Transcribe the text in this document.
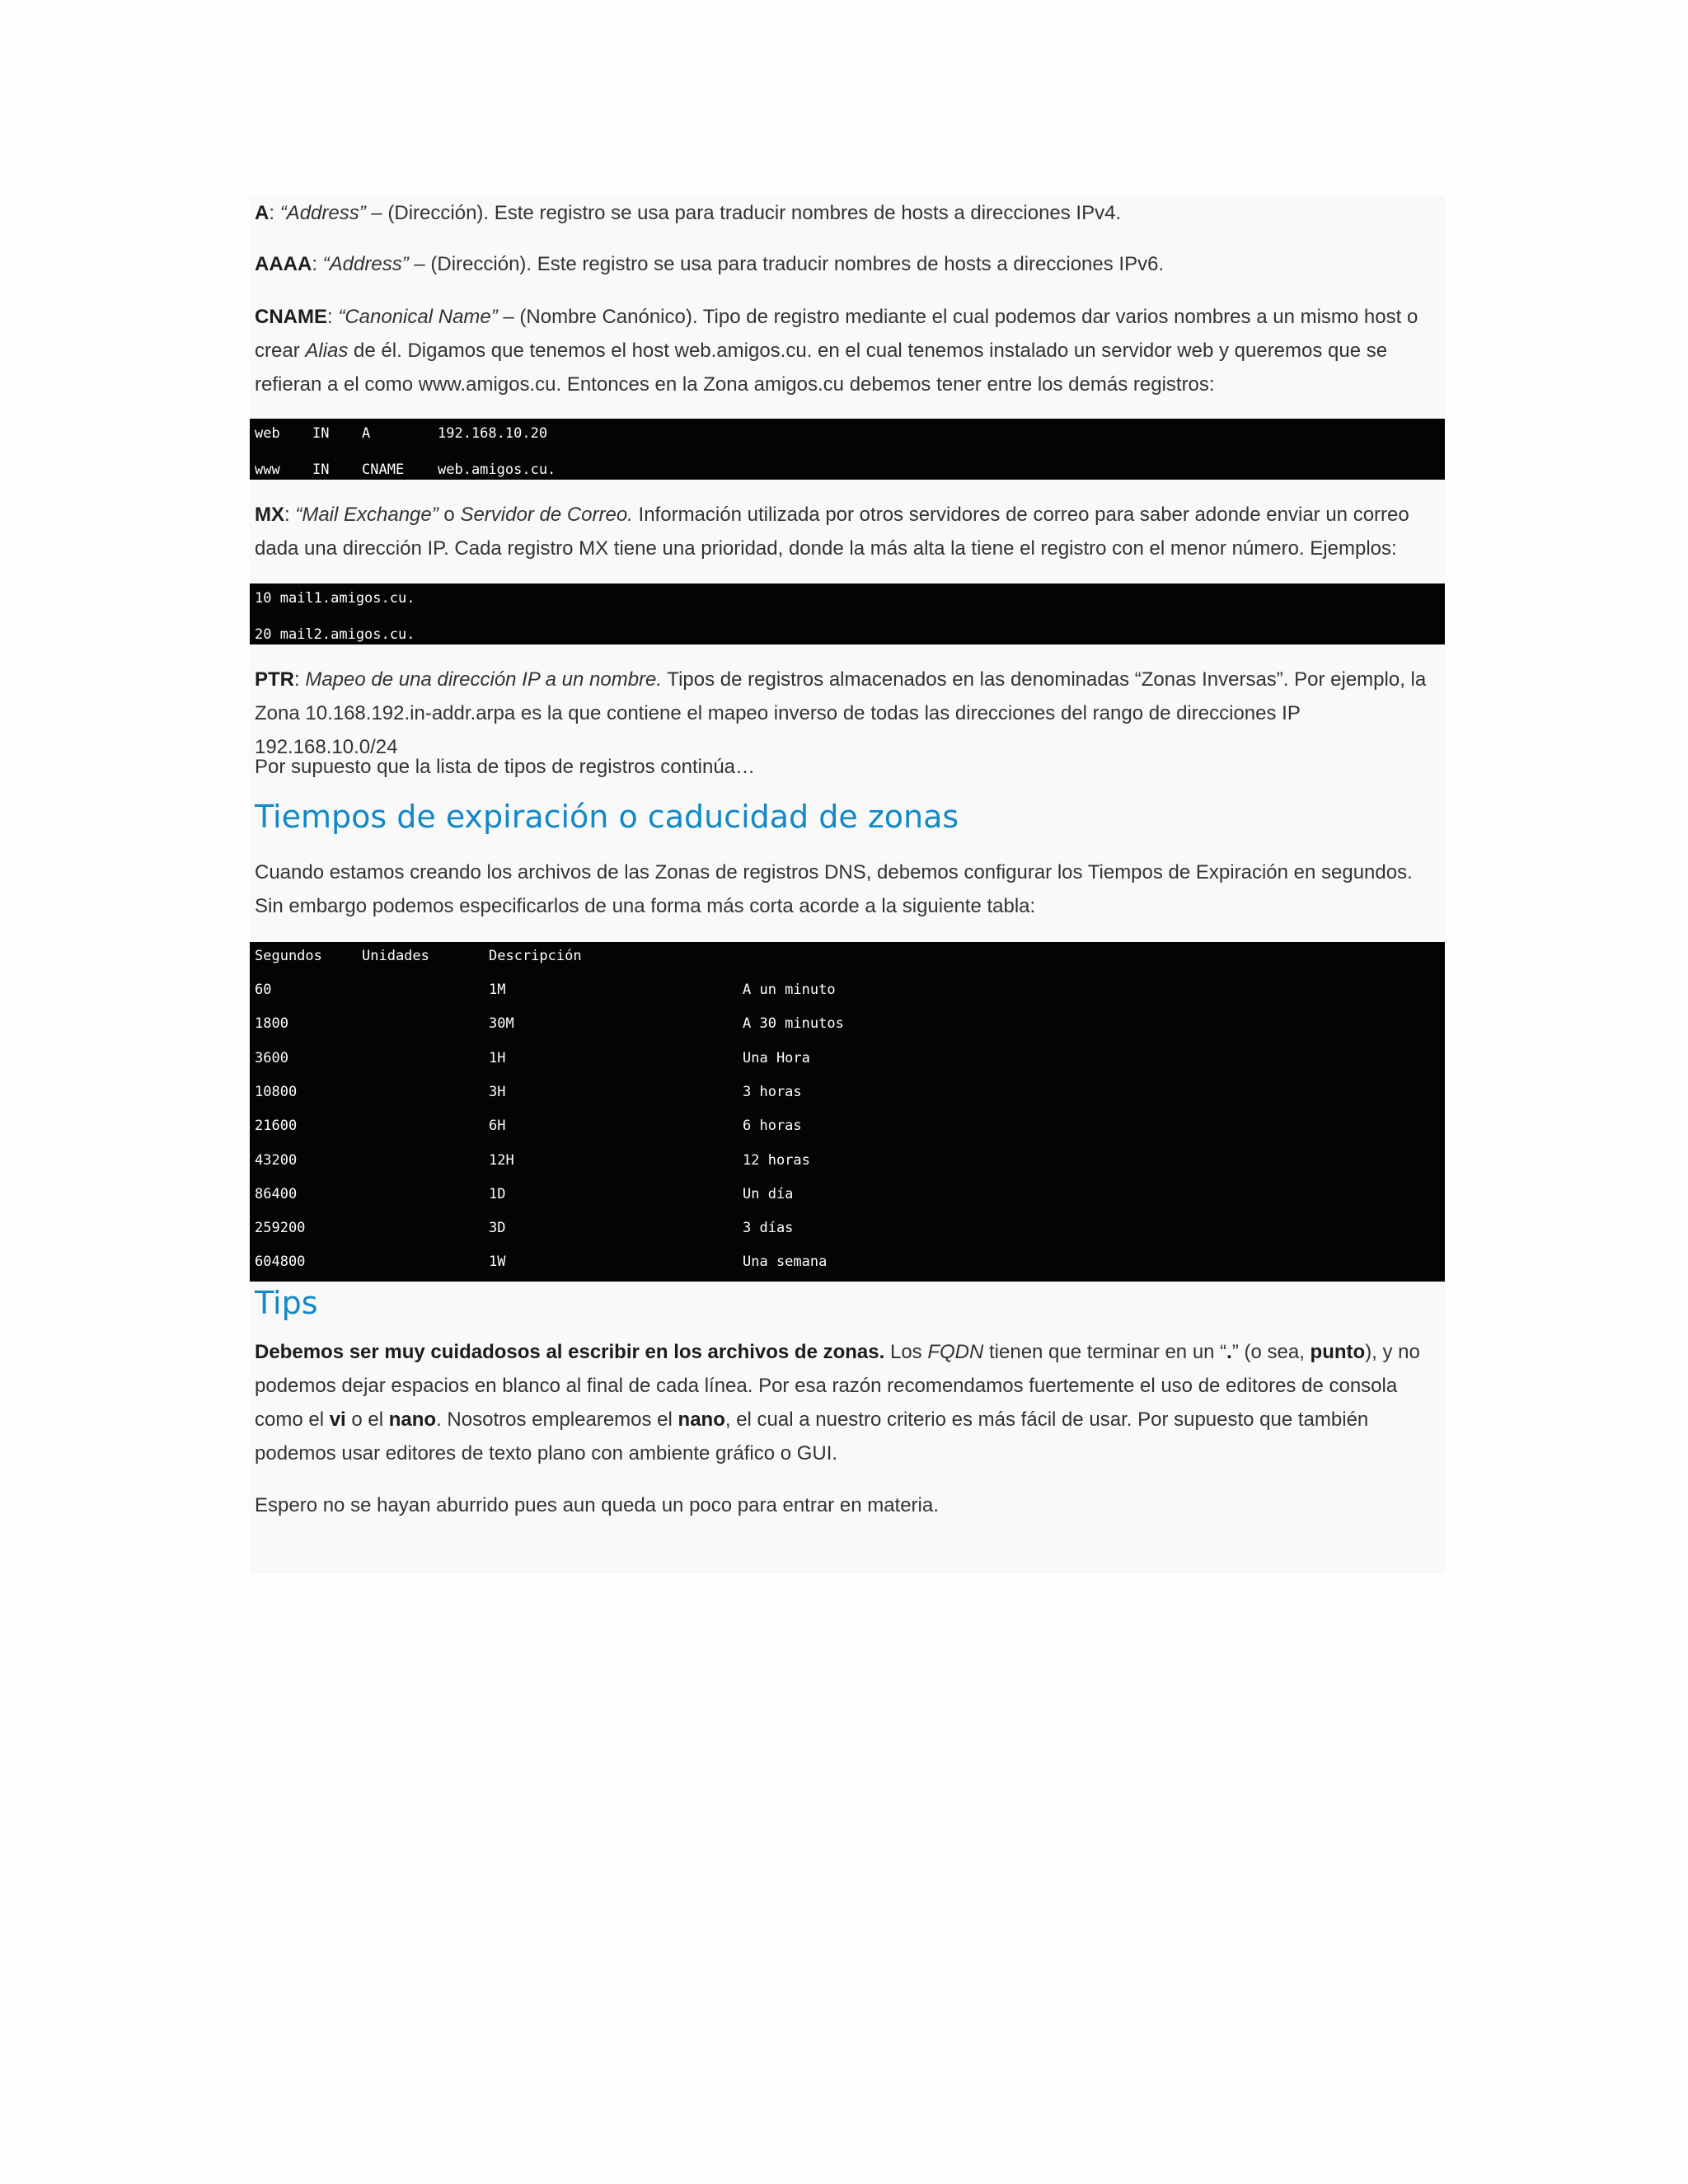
A: “Address” – (Dirección). Este registro se usa para traducir nombres de hosts a direcciones IPv4.

AAAA: “Address” – (Dirección). Este registro se usa para traducir nombres de hosts a direcciones IPv6.

CNAME: “Canonical Name” – (Nombre Canónico). Tipo de registro mediante el cual podemos dar varios nombres a un mismo host o crear Alias de él. Digamos que tenemos el host web.amigos.cu. en el cual tenemos instalado un servidor web y queremos que se refieran a el como www.amigos.cu. Entonces en la Zona amigos.cu debemos tener entre los demás registros:

web IN A	192.168.10.20
www IN CNAME web.amigos.cu.

MX: “Mail Exchange” o Servidor de Correo. Información utilizada por otros servidores de correo para saber adonde enviar un correo dada una dirección IP. Cada registro MX tiene una prioridad, donde la más alta la tiene el registro con el menor número. Ejemplos:

10 mail1.amigos.cu.
20 mail2.amigos.cu.

PTR: Mapeo de una dirección IP a un nombre. Tipos de registros almacenados en las denominadas “Zonas Inversas”. Por ejemplo, la Zona 10.168.192.in-addr.arpa es la que contiene el mapeo inverso de todas las direcciones del rango de direcciones IP 192.168.10.0/24

Por supuesto que la lista de tipos de registros continúa…

Tiempos de expiración o caducidad de zonas

Cuando estamos creando los archivos de las Zonas de registros DNS, debemos configurar los Tiempos de Expiración en segundos. Sin embargo podemos especificarlos de una forma más corta acorde a la siguiente tabla:

Segundos	Unidades	Descripción
60	1M	A un minuto
1800	30M	A 30 minutos
3600	1H	Una Hora
10800	3H	3 horas
21600	6H	6 horas
43200	12H	12 horas
86400	1D	Un día
259200	3D	3 días
604800	1W	Una semana
Tips

Debemos ser muy cuidadosos al escribir en los archivos de zonas. Los FQDN tienen que terminar en un “.” (o sea, punto), y no podemos dejar espacios en blanco al final de cada línea. Por esa razón recomendamos fuertemente el uso de editores de consola como el vi o el nano. Nosotros emplearemos el nano, el cual a nuestro criterio es más fácil de usar. Por supuesto que también podemos usar editores de texto plano con ambiente gráfico o GUI.

Espero no se hayan aburrido pues aun queda un poco para entrar en materia.
